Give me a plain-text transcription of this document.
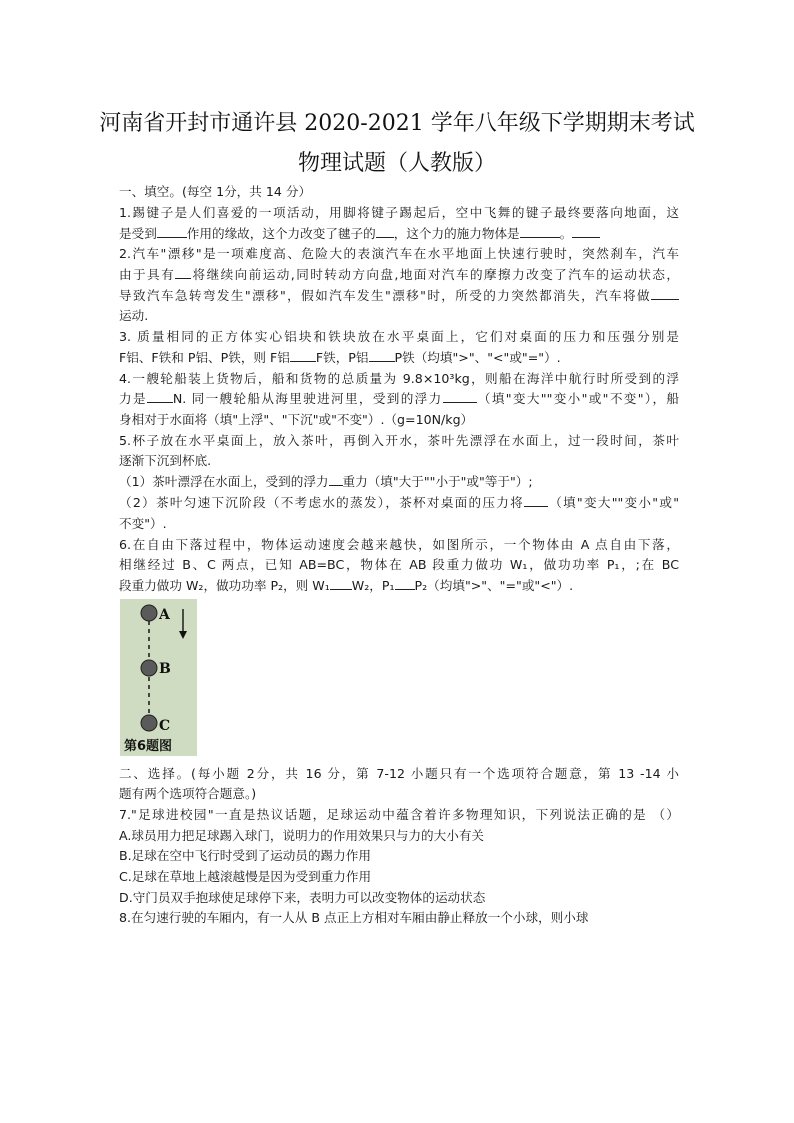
河南省开封市通许县 2020-2021 学年八年级下学期期末考试
物理试题（人教版）
一、填空。(每空 1分，共 14 分）
1.踢键子是人们喜爱的一项活动，用脚将键子踢起后，空中飞舞的键子最终要落向地面，这
是受到 作用的缘故，这个力改变了毽子的 ，这个力的施力物体是	。
2.汽车"漂移"是一项难度高、危险大的表演汽车在水平地面上快速行驶时，突然刹车，汽车
由于具有 将继续向前运动,同时转动方向盘,地面对汽车的摩擦力改变了汽车的运动状态，
导致汽车急转弯发生"漂移"，假如汽车发生"漂移"时，所受的力突然都消失，汽车将做
运动.
3. 质量相同的正方体实心铝块和铁块放在水平桌面上，它们对桌面的压力和压强分别是
F铝、F铁和 P铝、P铁，则 F铝 F铁，P铝 P铁（均填">"、"<"或"="）.
4.一艘轮船装上货物后，船和货物的总质量为 9.8×10³kg，则船在海洋中航行时所受到的浮
力是 N. 同一艘轮船从海里驶进河里，受到的浮力	（填"变大""变小"或"不变"），船
身相对于水面将（填"上浮"、"下沉"或"不变"）.（g=10N/kg）
5.杯子放在水平桌面上，放入茶叶，再倒入开水，茶叶先漂浮在水面上，过一段时间，茶叶
逐渐下沉到杯底.
（1）茶叶漂浮在水面上，受到的浮力 重力（填"大于""小于"或"等于"）;
（2）茶叶匀速下沉阶段（不考虑水的蒸发），茶杯对桌面的压力将 （填"变大""变小"或"
不变"）.
6.在自由下落过程中，物体运动速度会越来越快，如图所示，一个物体由 A 点自由下落，
相继经过 B、C 两点，已知 AB=BC，物体在 AB 段重力做功 W₁，做功功率 P₁，;在 BC
段重力做功 W₂，做功功率 P₂，则 W₁ W₂，P₁ P₂（均填">"、"="或"<"）.
A
B
C
第6题图
二、选择。(每小题 2分，共 16 分，第 7-12 小题只有一个选项符合题意，第 13 -14 小
题有两个选项符合题意。)
7."足球进校园"一直是热议话题，足球运动中蕴含着许多物理知识，下列说法正确的是 （）
A.球员用力把足球踢入球门，说明力的作用效果只与力的大小有关
B.足球在空中飞行时受到了运动员的踢力作用
C.足球在草地上越滚越慢是因为受到重力作用
D.守门员双手抱球使足球停下来，表明力可以改变物体的运动状态
8.在匀速行驶的车厢内，有一人从 B 点正上方相对车厢由静止释放一个小球，则小球
